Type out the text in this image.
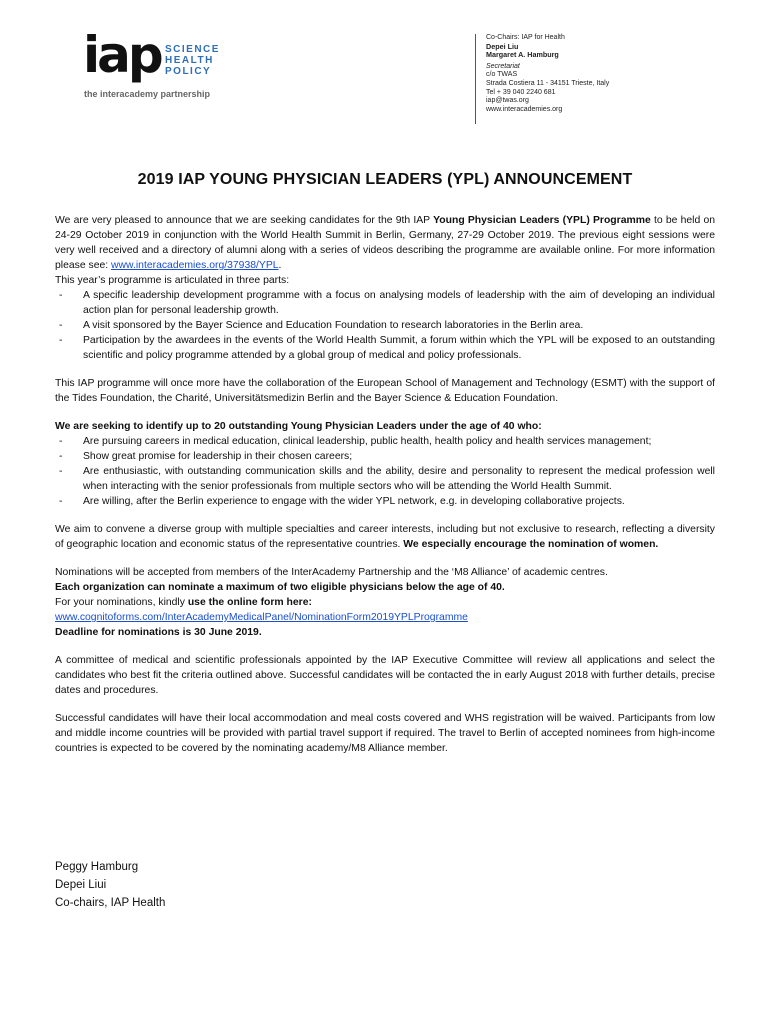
iap SCIENCE
HEALTH
POLICY
the interacademy partnership
Co-Chairs: IAP for Health
Depei Liu
Margaret A. Hamburg
Secretariat
c/o TWAS
Strada Costiera 11 - 34151 Trieste, Italy
Tel + 39 040 2240 681
iap@twas.org
www.interacademies.org
2019 IAP YOUNG PHYSICIAN LEADERS (YPL) ANNOUNCEMENT

We are very pleased to announce that we are seeking candidates for the 9th IAP Young Physician Leaders (YPL) Programme to be held on 24-29 October 2019 in conjunction with the World Health Summit in Berlin, Germany, 27-29 October 2019. The previous eight sessions were very well received and a directory of alumni along with a series of videos describing the programme are available online. For more information please see: www.interacademies.org/37938/YPL.

This year’s programme is articulated in three parts:

- A specific leadership development programme with a focus on analysing models of leadership with the aim of developing an individual action plan for personal leadership growth.
- A visit sponsored by the Bayer Science and Education Foundation to research laboratories in the Berlin area.
- Participation by the awardees in the events of the World Health Summit, a forum within which the YPL will be exposed to an outstanding scientific and policy programme attended by a global group of medical and policy professionals.

This IAP programme will once more have the collaboration of the European School of Management and Technology (ESMT) with the support of the Tides Foundation, the Charité, Universitätsmedizin Berlin and the Bayer Science & Education Foundation.

We are seeking to identify up to 20 outstanding Young Physician Leaders under the age of 40 who:

- Are pursuing careers in medical education, clinical leadership, public health, health policy and health services management;
- Show great promise for leadership in their chosen careers;
- Are enthusiastic, with outstanding communication skills and the ability, desire and personality to represent the medical profession well when interacting with the senior professionals from multiple sectors who will be attending the World Health Summit.
- Are willing, after the Berlin experience to engage with the wider YPL network, e.g. in developing collaborative projects.

We aim to convene a diverse group with multiple specialties and career interests, including but not exclusive to research, reflecting a diversity of geographic location and economic status of the representative countries. We especially encourage the nomination of women.

Nominations will be accepted from members of the InterAcademy Partnership and the ‘M8 Alliance’ of academic centres.

Each organization can nominate a maximum of two eligible physicians below the age of 40.

For your nominations, kindly use the online form here:

www.cognitoforms.com/InterAcademyMedicalPanel/NominationForm2019YPLProgramme

Deadline for nominations is 30 June 2019.

A committee of medical and scientific professionals appointed by the IAP Executive Committee will review all applications and select the candidates who best fit the criteria outlined above. Successful candidates will be contacted the in early August 2018 with further details, precise dates and procedures.

Successful candidates will have their local accommodation and meal costs covered and WHS registration will be waived. Participants from low and middle income countries will be provided with partial travel support if required. The travel to Berlin of accepted nominees from high-income countries is expected to be covered by the nominating academy/M8 Alliance member.

Peggy Hamburg
Depei Liui
Co-chairs, IAP Health
